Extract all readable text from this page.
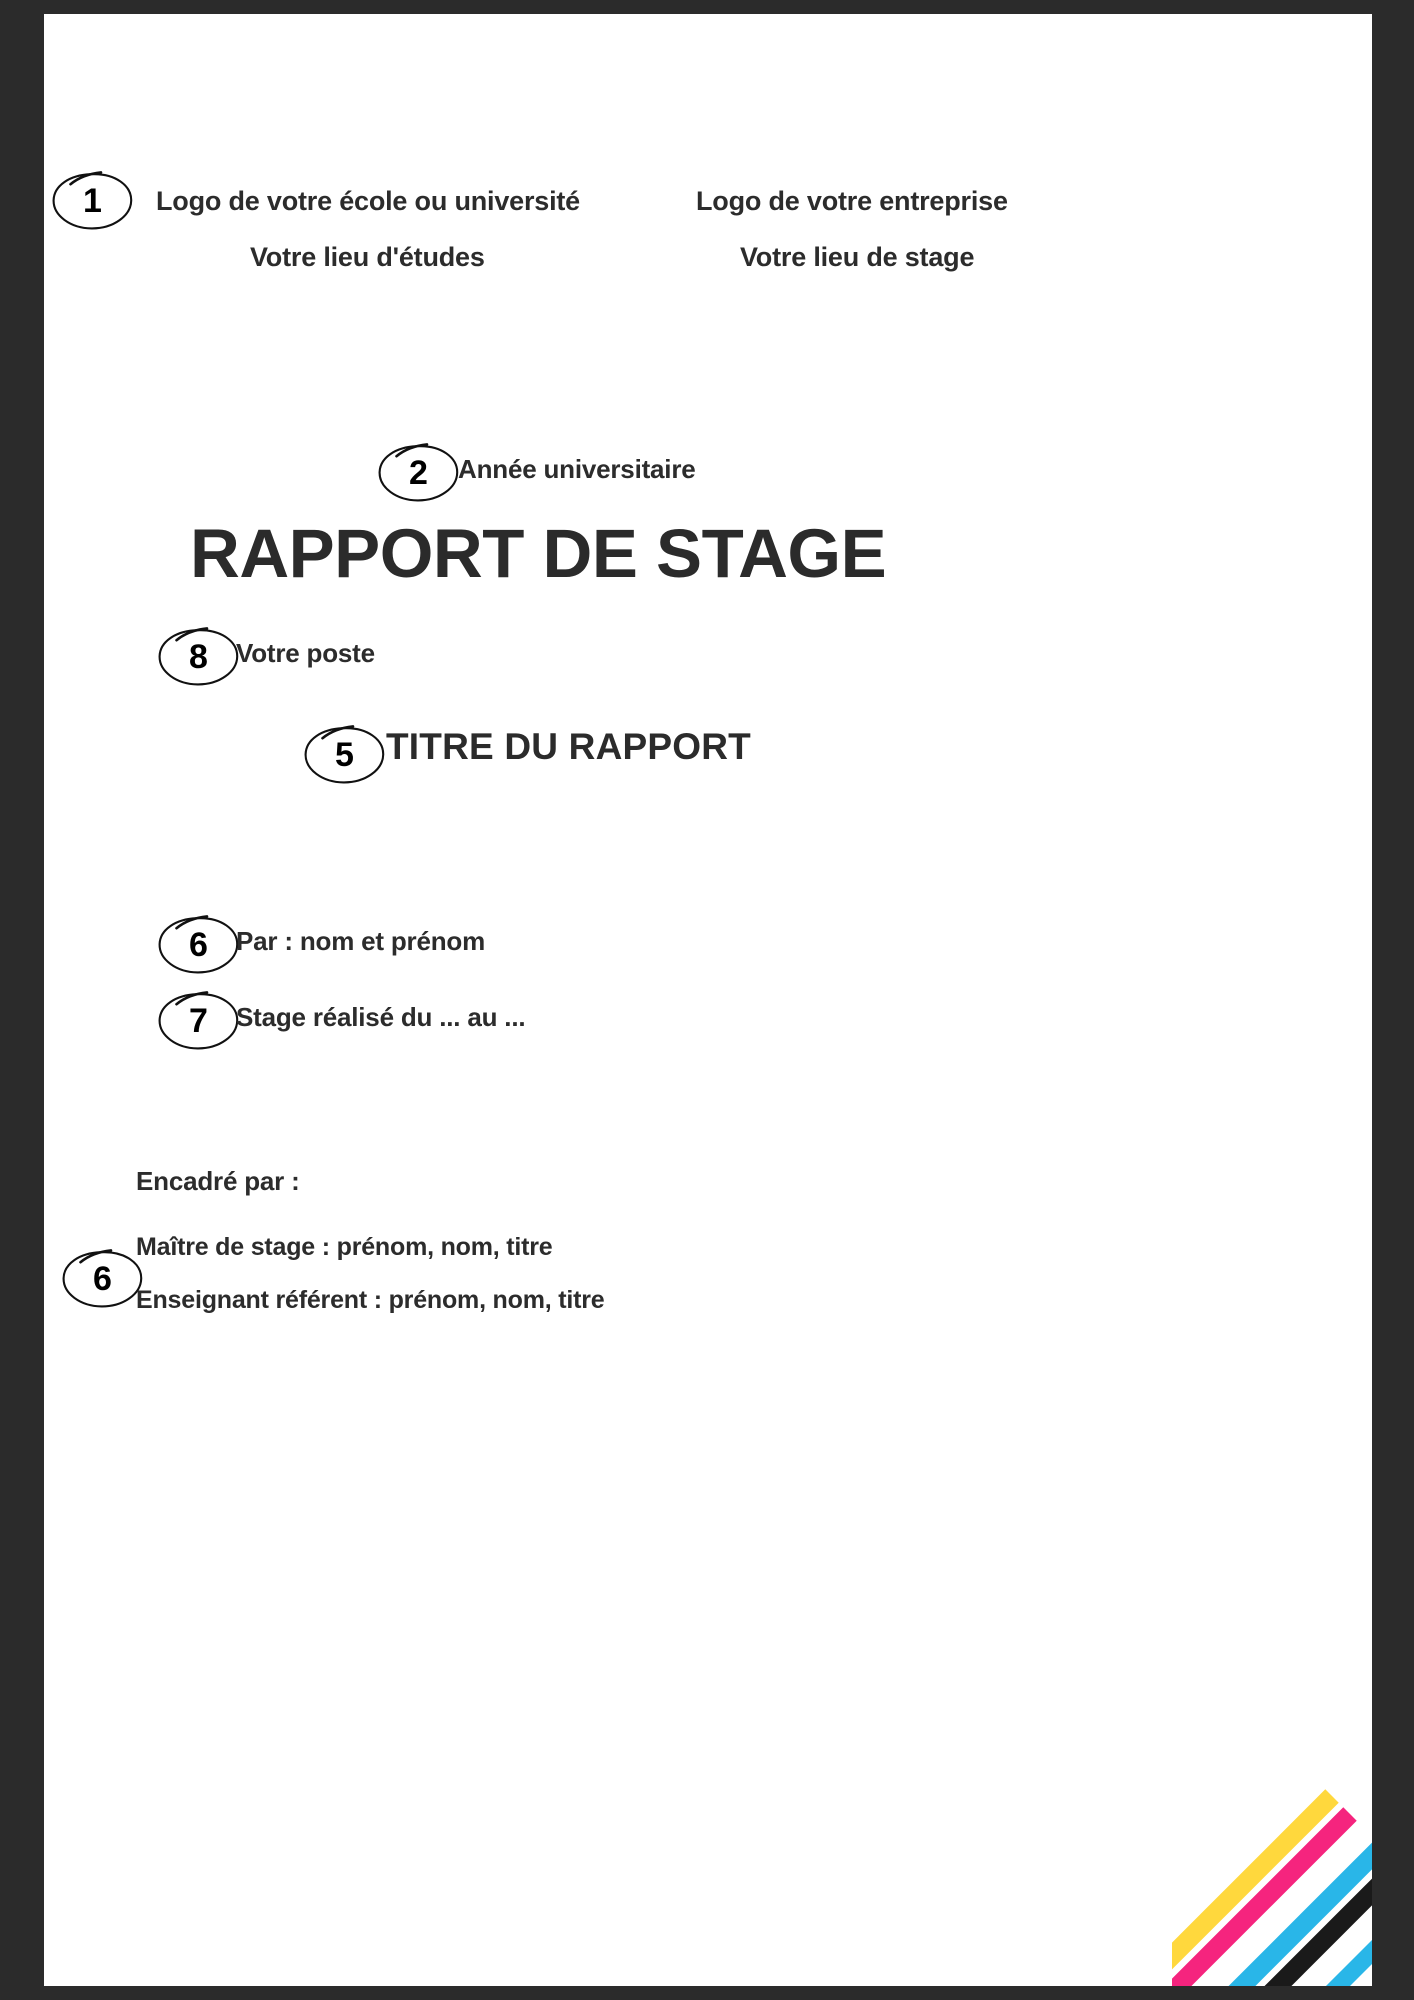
1	Logo de votre école ou université	Logo de votre entreprise
Votre lieu d'études	Votre lieu de stage
2	Année universitaire
RAPPORT DE STAGE
8	Votre poste
5 TITRE DU RAPPORT
6	Par : nom et prénom
7	Stage réalisé du ... au ...
Encadré par :
6
Maître de stage : prénom, nom, titre
Enseignant référent : prénom, nom, titre
